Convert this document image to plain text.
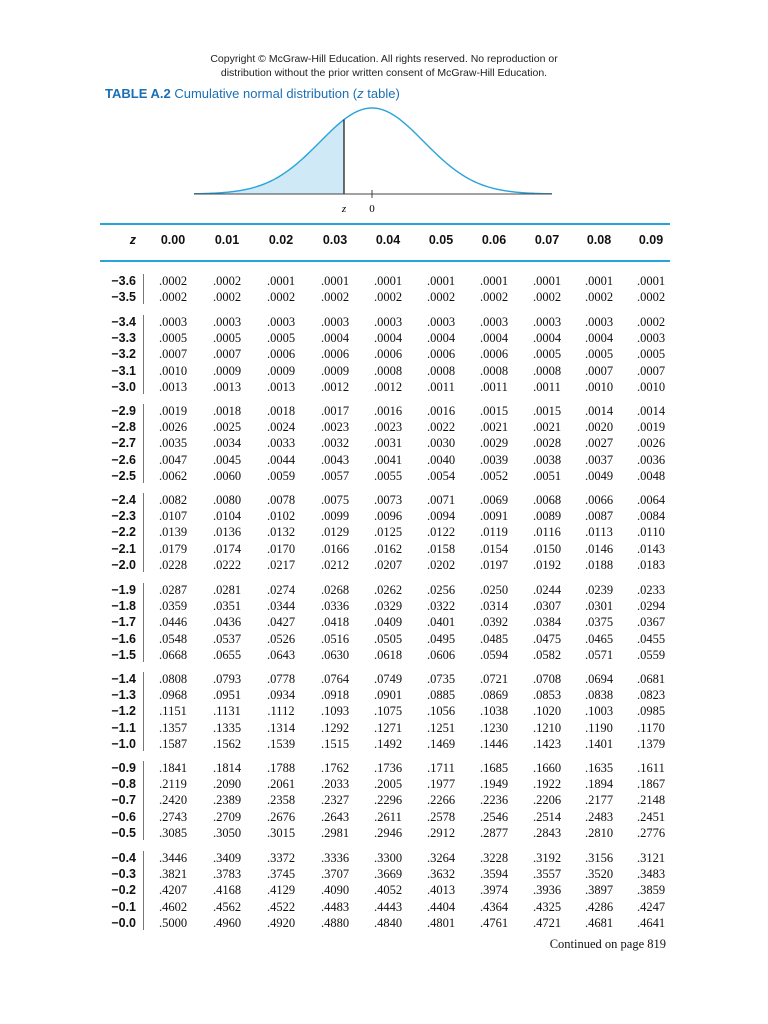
Copyright © McGraw-Hill Education. All rights reserved. No reproduction or
distribution without the prior written consent of McGraw-Hill Education.
TABLE A.2 Cumulative normal distribution (z table)
z 0
z	0.00	0.01	0.02	0.03	0.04	0.05	0.06	0.07	0.08	0.09
−3.6	.0002	.0002	.0001	.0001	.0001	.0001	.0001	.0001	.0001	.0001
−3.5	.0002	.0002	.0002	.0002	.0002	.0002	.0002	.0002	.0002	.0002
−3.4	.0003	.0003	.0003	.0003	.0003	.0003	.0003	.0003	.0003	.0002
−3.3	.0005	.0005	.0005	.0004	.0004	.0004	.0004	.0004	.0004	.0003
−3.2	.0007	.0007	.0006	.0006	.0006	.0006	.0006	.0005	.0005	.0005
−3.1	.0010	.0009	.0009	.0009	.0008	.0008	.0008	.0008	.0007	.0007
−3.0	.0013	.0013	.0013	.0012	.0012	.0011	.0011	.0011	.0010	.0010
−2.9	.0019	.0018	.0018	.0017	.0016	.0016	.0015	.0015	.0014	.0014
−2.8	.0026	.0025	.0024	.0023	.0023	.0022	.0021	.0021	.0020	.0019
−2.7	.0035	.0034	.0033	.0032	.0031	.0030	.0029	.0028	.0027	.0026
−2.6	.0047	.0045	.0044	.0043	.0041	.0040	.0039	.0038	.0037	.0036
−2.5	.0062	.0060	.0059	.0057	.0055	.0054	.0052	.0051	.0049	.0048
−2.4	.0082	.0080	.0078	.0075	.0073	.0071	.0069	.0068	.0066	.0064
−2.3	.0107	.0104	.0102	.0099	.0096	.0094	.0091	.0089	.0087	.0084
−2.2	.0139	.0136	.0132	.0129	.0125	.0122	.0119	.0116	.0113	.0110
−2.1	.0179	.0174	.0170	.0166	.0162	.0158	.0154	.0150	.0146	.0143
−2.0	.0228	.0222	.0217	.0212	.0207	.0202	.0197	.0192	.0188	.0183
−1.9	.0287	.0281	.0274	.0268	.0262	.0256	.0250	.0244	.0239	.0233
−1.8	.0359	.0351	.0344	.0336	.0329	.0322	.0314	.0307	.0301	.0294
−1.7	.0446	.0436	.0427	.0418	.0409	.0401	.0392	.0384	.0375	.0367
−1.6	.0548	.0537	.0526	.0516	.0505	.0495	.0485	.0475	.0465	.0455
−1.5	.0668	.0655	.0643	.0630	.0618	.0606	.0594	.0582	.0571	.0559
−1.4	.0808	.0793	.0778	.0764	.0749	.0735	.0721	.0708	.0694	.0681
−1.3	.0968	.0951	.0934	.0918	.0901	.0885	.0869	.0853	.0838	.0823
−1.2	.1151	.1131	.1112	.1093	.1075	.1056	.1038	.1020	.1003	.0985
−1.1	.1357	.1335	.1314	.1292	.1271	.1251	.1230	.1210	.1190	.1170
−1.0	.1587	.1562	.1539	.1515	.1492	.1469	.1446	.1423	.1401	.1379
−0.9	.1841	.1814	.1788	.1762	.1736	.1711	.1685	.1660	.1635	.1611
−0.8	.2119	.2090	.2061	.2033	.2005	.1977	.1949	.1922	.1894	.1867
−0.7	.2420	.2389	.2358	.2327	.2296	.2266	.2236	.2206	.2177	.2148
−0.6	.2743	.2709	.2676	.2643	.2611	.2578	.2546	.2514	.2483	.2451
−0.5	.3085	.3050	.3015	.2981	.2946	.2912	.2877	.2843	.2810	.2776
−0.4	.3446	.3409	.3372	.3336	.3300	.3264	.3228	.3192	.3156	.3121
−0.3	.3821	.3783	.3745	.3707	.3669	.3632	.3594	.3557	.3520	.3483
−0.2	.4207	.4168	.4129	.4090	.4052	.4013	.3974	.3936	.3897	.3859
−0.1	.4602	.4562	.4522	.4483	.4443	.4404	.4364	.4325	.4286	.4247
−0.0	.5000	.4960	.4920	.4880	.4840	.4801	.4761	.4721	.4681	.4641
Continued on page 819
